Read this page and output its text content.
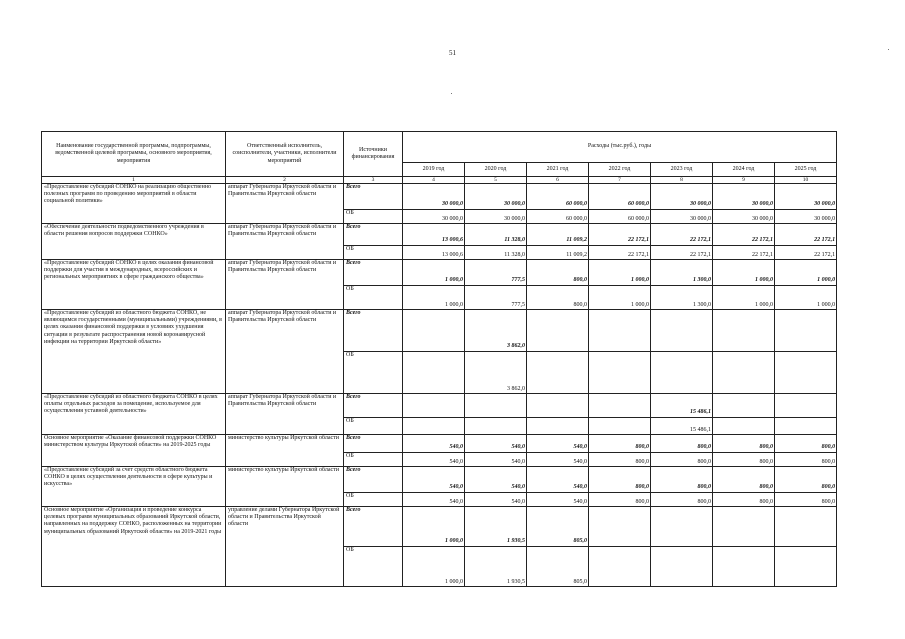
51
Наименование государственной программы, подпрограммы, ведомственной целевой программы, основного мероприятия, мероприятия	Ответственный исполнитель, соисполнители, участники, исполнители мероприятий	Источники финансирования	Расходы (тыс.руб.), годы						
			2019 год	2020 год	2021 год	2022 год	2023 год	2024 год	2025 год
1	2	3	4	5	6	7	8	9	10
«Предоставление субсидий СОНКО на реализацию общественно полезных программ по проведению мероприятий в области социальной политики»	аппарат Губернатора Иркутской области и Правительства Иркутской области	Всего	30 000,0	30 000,0	60 000,0	60 000,0	30 000,0	30 000,0	30 000,0
		ОБ	30 000,0	30 000,0	60 000,0	60 000,0	30 000,0	30 000,0	30 000,0
«Обеспечение деятельности подведомственного учреждения в области решения вопросов поддержки СОНКО»	аппарат Губернатора Иркутской области и Правительства Иркутской области	Всего	13 000,6	11 328,0	11 009,2	22 172,1	22 172,1	22 172,1	22 172,1
		ОБ	13 000,6	11 328,0	11 009,2	22 172,1	22 172,1	22 172,1	22 172,1
«Предоставление субсидий СОНКО в целях оказания финансовой поддержки для участия в международных, всероссийских и региональных мероприятиях в сфере гражданского общества»	аппарат Губернатора Иркутской области и Правительства Иркутской области	Всего	1 000,0	777,5	800,0	1 000,0	1 300,0	1 000,0	1 000,0
		ОБ	1 000,0	777,5	800,0	1 000,0	1 300,0	1 000,0	1 000,0
«Предоставление субсидий из областного бюджета СОНКО, не являющимся государственными (муниципальными) учреждениями, в целях оказания финансовой поддержки в условиях ухудшения ситуации в результате распространения новой коронавирусной инфекции на территории Иркутской области»	аппарат Губернатора Иркутской области и Правительства Иркутской области	Всего		3 862,0					
		ОБ		3 862,0					
«Предоставление субсидий из областного бюджета СОНКО в целях оплаты отдельных расходов за помещение, используемое для осуществления уставной деятельности»	аппарат Губернатора Иркутской области и Правительства Иркутской области	Всего					15 486,1		
		ОБ					15 486,1		
Основное мероприятие «Оказание финансовой поддержки СОНКО министерством культуры Иркутской области» на 2019-2025 годы	министерство культуры Иркутской области	Всего	540,0	540,0	540,0	800,0	800,0	800,0	800,0
		ОБ	540,0	540,0	540,0	800,0	800,0	800,0	800,0
«Предоставление субсидий за счет средств областного бюджета СОНКО в целях осуществления деятельности в сфере культуры и искусства»	министерство культуры Иркутской области	Всего	540,0	540,0	540,0	800,0	800,0	800,0	800,0
		ОБ	540,0	540,0	540,0	800,0	800,0	800,0	800,0
Основное мероприятие «Организация и проведение конкурса целевых программ муниципальных образований Иркутской области, направленных на поддержку СОНКО, расположенных на территории муниципальных образований Иркутской области» на 2019-2021 годы	управление делами Губернатора Иркутской области и Правительства Иркутской области	Всего	1 000,0	1 930,5	805,0				
		ОБ	1 000,0	1 930,5	805,0				
